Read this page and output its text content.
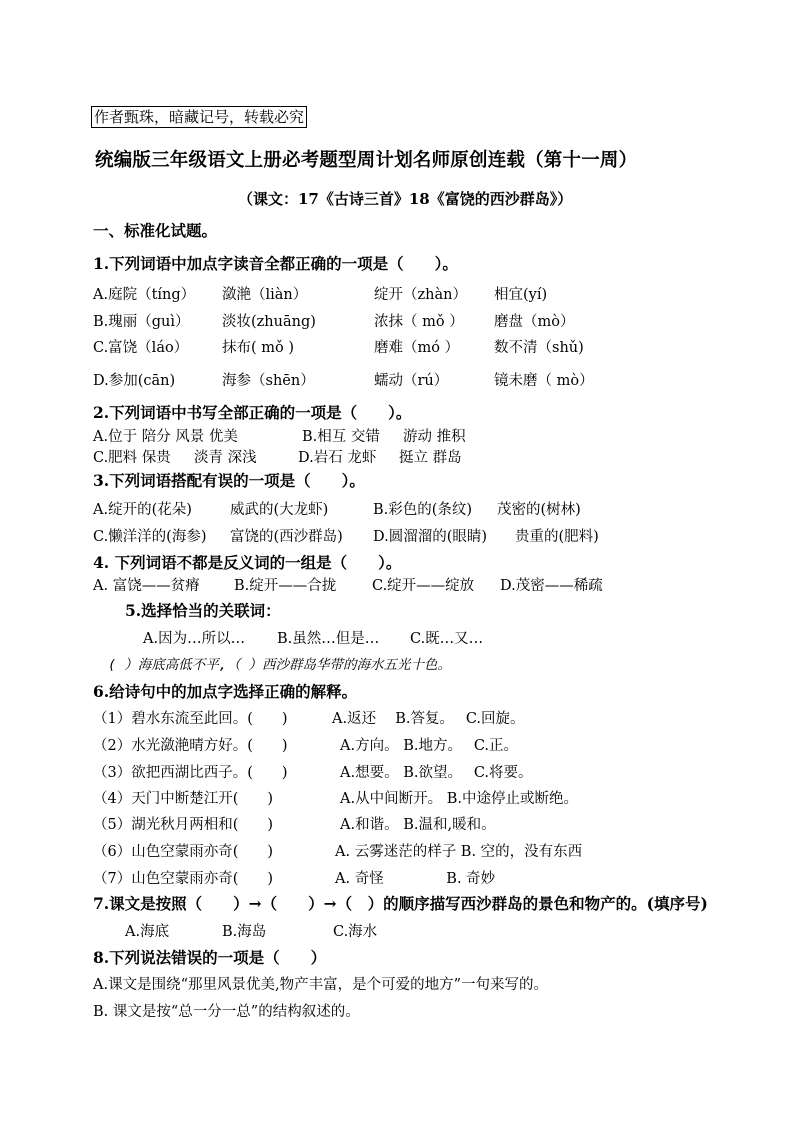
作者甄珠，暗藏记号，转载必究
统编版三年级语文上册必考题型周计划名师原创连载（第十一周）
（课文：17《古诗三首》18《富饶的西沙群岛》）
一、标准化试题。
1.下列词语中加点字读音全都正确的一项是（　　）。
A.庭院（tíng） 潋滟（liàn）	绽开（zhàn） 相宜(yí)
B.瑰丽（guì） 淡妆(zhuāng)	浓抹（ mǒ ） 磨盘（mò）
C.富饶（láo） 抹布( mǒ )	磨难（mó ） 数不清（shǔ)
D.参加(cān)	海参（shēn）	蠕动（rú）	镜未磨（ mò）
2.下列词语中书写全部正确的一项是（　　）。
A.位于 陪分 风景 优美	B.相互 交错 游动 推积
C.肥料 保贵 淡青 深浅	D.岩石 龙虾 挺立 群岛
3.下列词语搭配有误的一项是（　　）。
A.绽开的(花朵)	威武的(大龙虾)	B.彩色的(条纹) 茂密的(树林)
C.懒洋洋的(海参) 富饶的(西沙群岛) D.圆溜溜的(眼睛) 贵重的(肥料)
4. 下列词语不都是反义词的一组是（　　）。
A. 富饶——贫瘠 B.绽开——合拢 C.绽开——绽放 D.茂密——稀疏
5.选择恰当的关联词：
A.因为…所以… B.虽然…但是… C.既…又…
( ）海底高低不平,（ ）西沙群岛华带的海水五光十色。
6.给诗句中的加点字选择正确的解释。
（1）碧水东流至此回。(　　)	A.返还　 B.答复。　 C.回旋。
（2）水光潋滟晴方好。(　　)	A.方向。 B.地方。　 C.正。
（3）欲把西湖比西子。(　　)	A.想要。 B.欲望。　 C.将要。
（4）天门中断楚江开(　　)	A.从中间断开。 B.中途停止或断绝。
（5）湖光秋月两相和(　　)	A.和谐。 B.温和,暖和。
（6）山色空蒙雨亦奇(　　)	A. 云雾迷茫的样子 B. 空的，没有东西
（7）山色空蒙雨亦奇(　　)	A. 奇怪　　　　 B. 奇妙
7.课文是按照（　　）→（　　）→（　）的顺序描写西沙群岛的景色和物产的。(填序号)
A.海底	B.海岛	C.海水
8.下列说法错误的一项是（　　）
A.课文是围绕“那里风景优美,物产丰富，是个可爱的地方”一句来写的。
B. 课文是按“总一分一总”的结构叙述的。
